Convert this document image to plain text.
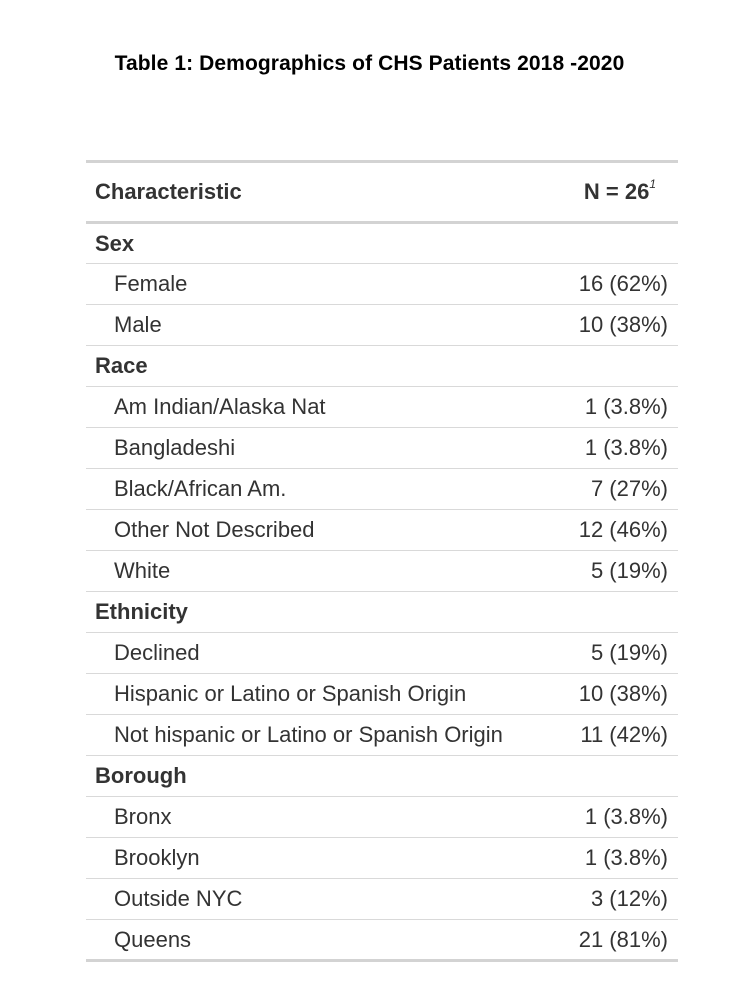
Table 1: Demographics of CHS Patients 2018 -2020
Characteristic	$N = 26^1$
Sex	
Female	16 (62%)
Male	10 (38%)
Race	
Am Indian/Alaska Nat	1 (3.8%)
Bangladeshi	1 (3.8%)
Black/African Am.	7 (27%)
Other Not Described	12 (46%)
White	5 (19%)
Ethnicity	
Declined	5 (19%)
Hispanic or Latino or Spanish Origin	10 (38%)
Not hispanic or Latino or Spanish Origin	11 (42%)
Borough	
Bronx	1 (3.8%)
Brooklyn	1 (3.8%)
Outside NYC	3 (12%)
Queens	21 (81%)
